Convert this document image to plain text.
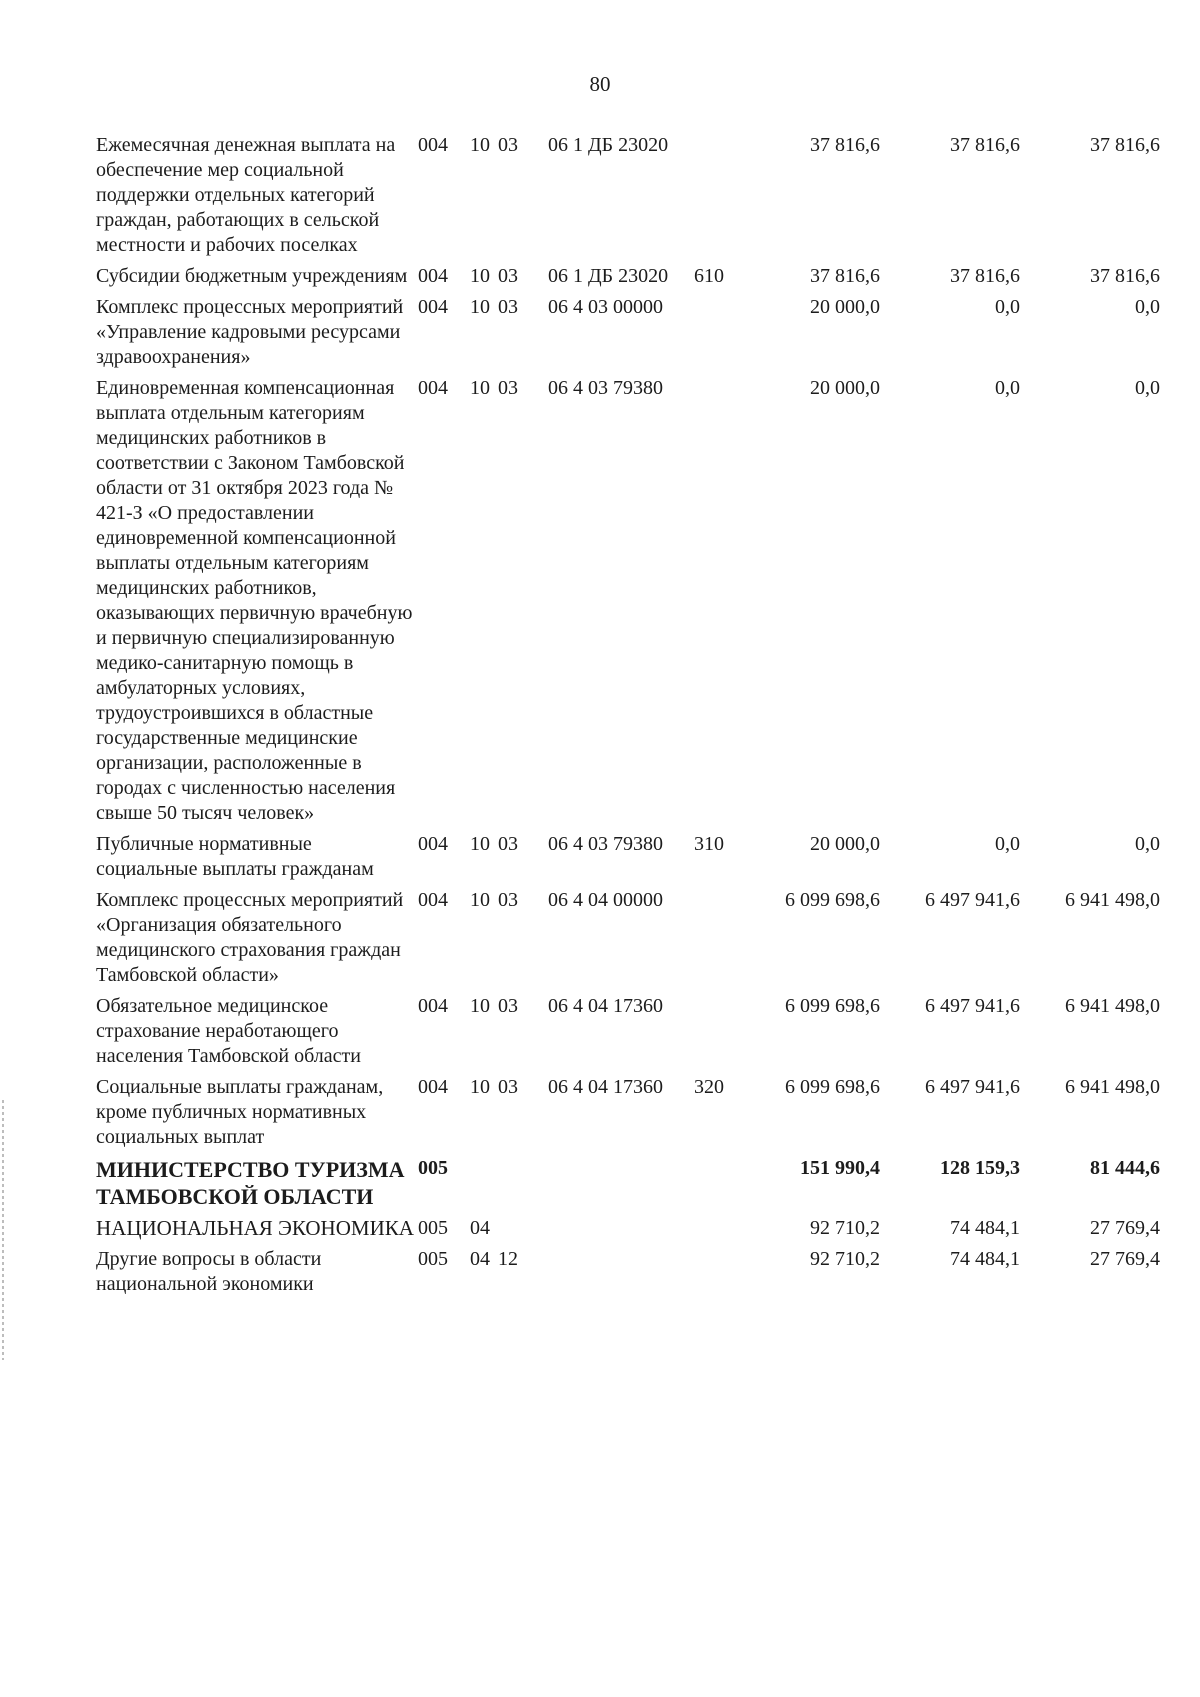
80
Ежемесячная денежная выплата на обеспечение мер социальной поддержки отдельных категорий граждан, работающих в сельской местности и рабочих поселках	004	10	03	06 1 ДБ 23020		37 816,6	37 816,6	37 816,6
Субсидии бюджетным учреждениям	004	10	03	06 1 ДБ 23020	610	37 816,6	37 816,6	37 816,6
Комплекс процессных мероприятий «Управление кадровыми ресурсами здравоохранения»	004	10	03	06 4 03 00000		20 000,0	0,0	0,0
Единовременная компенсационная выплата отдельным категориям медицинских работников в соответствии с Законом Тамбовской области от 31 октября 2023 года № 421-З «О предоставлении единовременной компенсационной выплаты отдельным категориям медицинских работников, оказывающих первичную врачебную и первичную специализированную медико-санитарную помощь в амбулаторных условиях, трудоустроившихся в областные государственные медицинские организации, расположенные в городах с численностью населения свыше 50 тысяч человек»	004	10	03	06 4 03 79380		20 000,0	0,0	0,0
Публичные нормативные социальные выплаты гражданам	004	10	03	06 4 03 79380	310	20 000,0	0,0	0,0
Комплекс процессных мероприятий «Организация обязательного медицинского страхования граждан Тамбовской области»	004	10	03	06 4 04 00000		6 099 698,6	6 497 941,6	6 941 498,0
Обязательное медицинское страхование неработающего населения Тамбовской области	004	10	03	06 4 04 17360		6 099 698,6	6 497 941,6	6 941 498,0
Социальные выплаты гражданам, кроме публичных нормативных социальных выплат	004	10	03	06 4 04 17360	320	6 099 698,6	6 497 941,6	6 941 498,0
МИНИСТЕРСТВО ТУРИЗМА ТАМБОВСКОЙ ОБЛАСТИ	005					151 990,4	128 159,3	81 444,6
НАЦИОНАЛЬНАЯ ЭКОНОМИКА	005	04				92 710,2	74 484,1	27 769,4
Другие вопросы в области национальной экономики	005	04	12			92 710,2	74 484,1	27 769,4
